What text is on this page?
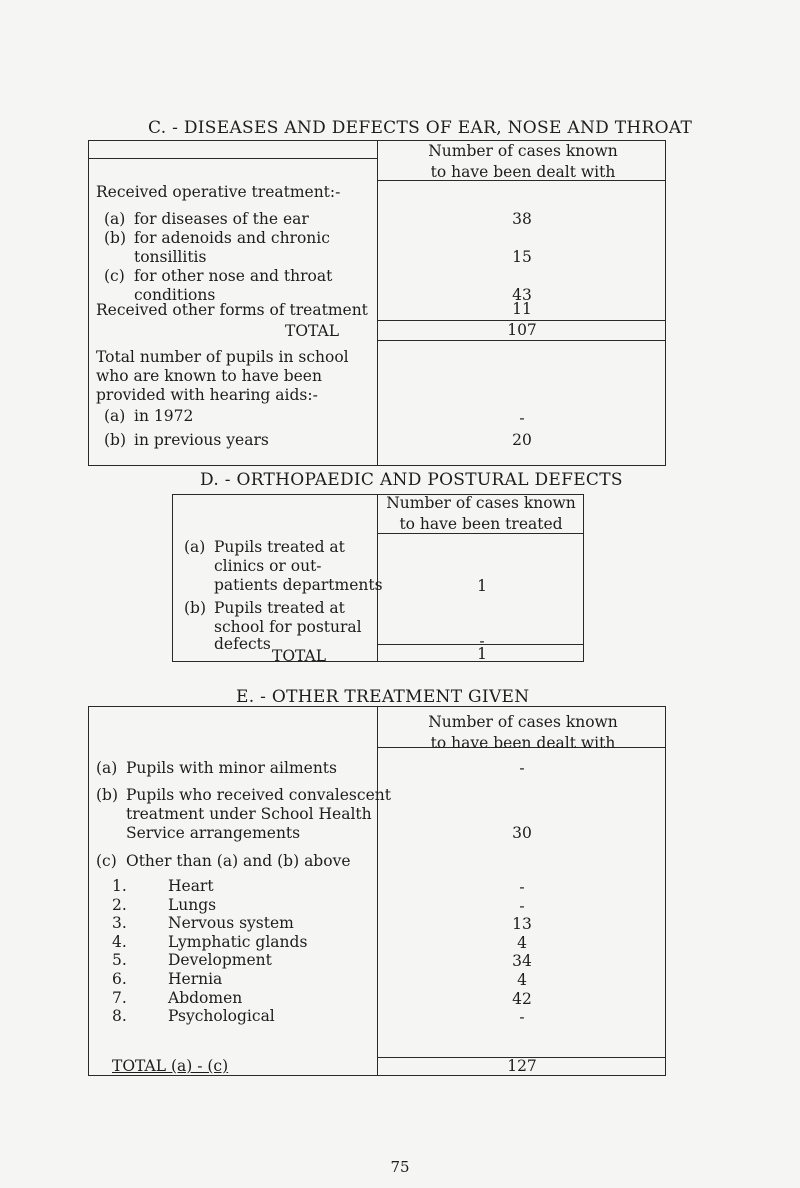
C. - DISEASES AND DEFECTS OF EAR, NOSE AND THROAT
Number of cases known
to have been dealt with
Received operative treatment:-
(a) for diseases of the ear	38
(b) for adenoids and chronic
tonsillitis	15
(c) for other nose and throat
conditions	43
Received other forms of treatment	11
TOTAL	107
Total number of pupils in school
who are known to have been
provided with hearing aids:-
(a) in 1972	-
(b) in previous years	20
D. - ORTHOPAEDIC AND POSTURAL DEFECTS
Number of cases known
to have been treated
(a) Pupils treated at
clinics or out-
patients departments	1
(b) Pupils treated at
school for postural
defects	-
TOTAL	1
E. - OTHER TREATMENT GIVEN
Number of cases known
to have been dealt with
(a) Pupils with minor ailments	-
(b) Pupils who received convalescent
treatment under School Health
Service arrangements	30
(c) Other than (a) and (b) above
1.	Heart	-
2.	Lungs	-
3.	Nervous system	13
4.	Lymphatic glands	4
5.	Development	34
6.	Hernia	4
7.	Abdomen	42
8.	Psychological	-
TOTAL (a) - (c)	127
75
